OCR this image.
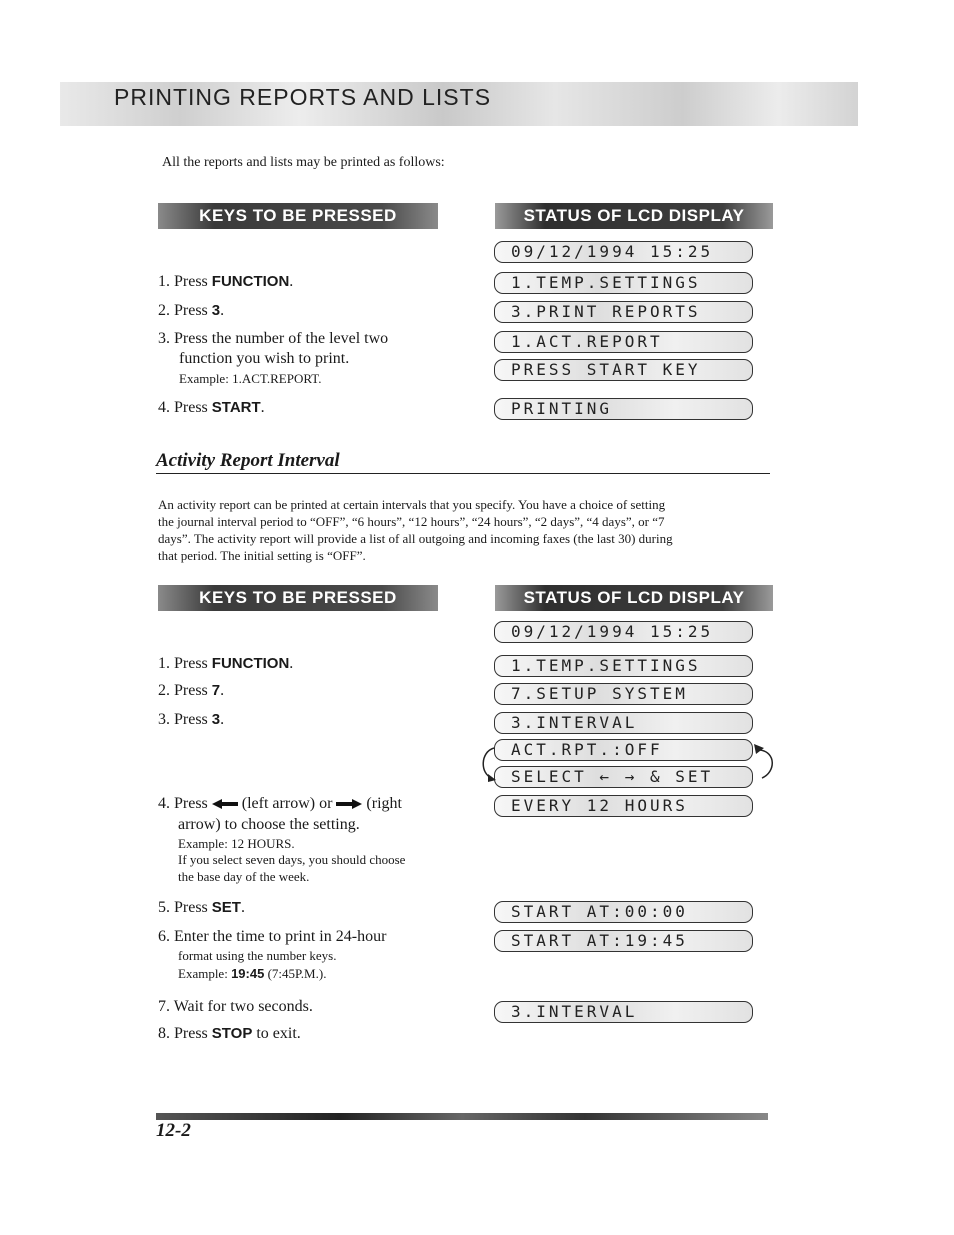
PRINTING REPORTS AND LISTS
All the reports and lists may be printed as follows:
KEYS TO BE PRESSED	STATUS OF LCD DISPLAY
1. Press FUNCTION.
2. Press 3.
3. Press the number of the level two
function you wish to print.
Example: 1.ACT.REPORT.
4. Press START.
09/12/1994 15:25
1.TEMP.SETTINGS
3.PRINT REPORTS
1.ACT.REPORT
PRESS START KEY
PRINTING
Activity Report Interval
An activity report can be printed at certain intervals that you specify. You have a choice of setting
the journal interval period to “OFF”, “6 hours”, “12 hours”, “24 hours”, “2 days”, “4 days”, or “7
days”. The activity report will provide a list of all outgoing and incoming faxes (the last 30) during
that period. The initial setting is “OFF”.
KEYS TO BE PRESSED	STATUS OF LCD DISPLAY
1. Press FUNCTION.
2. Press 7.
3. Press 3.
4. Press  (left arrow) or  (right
arrow) to choose the setting.
Example: 12 HOURS.
If you select seven days, you should choose
the base day of the week.
5. Press SET.
6. Enter the time to print in 24-hour
format using the number keys.
Example: 19:45 (7:45P.M.).
7. Wait for two seconds.
8. Press STOP to exit.
09/12/1994 15:25
1.TEMP.SETTINGS
7.SETUP SYSTEM
3.INTERVAL
ACT.RPT.:OFF
SELECT ← → & SET
EVERY 12 HOURS
START AT:00:00
START AT:19:45
3.INTERVAL
12-2
